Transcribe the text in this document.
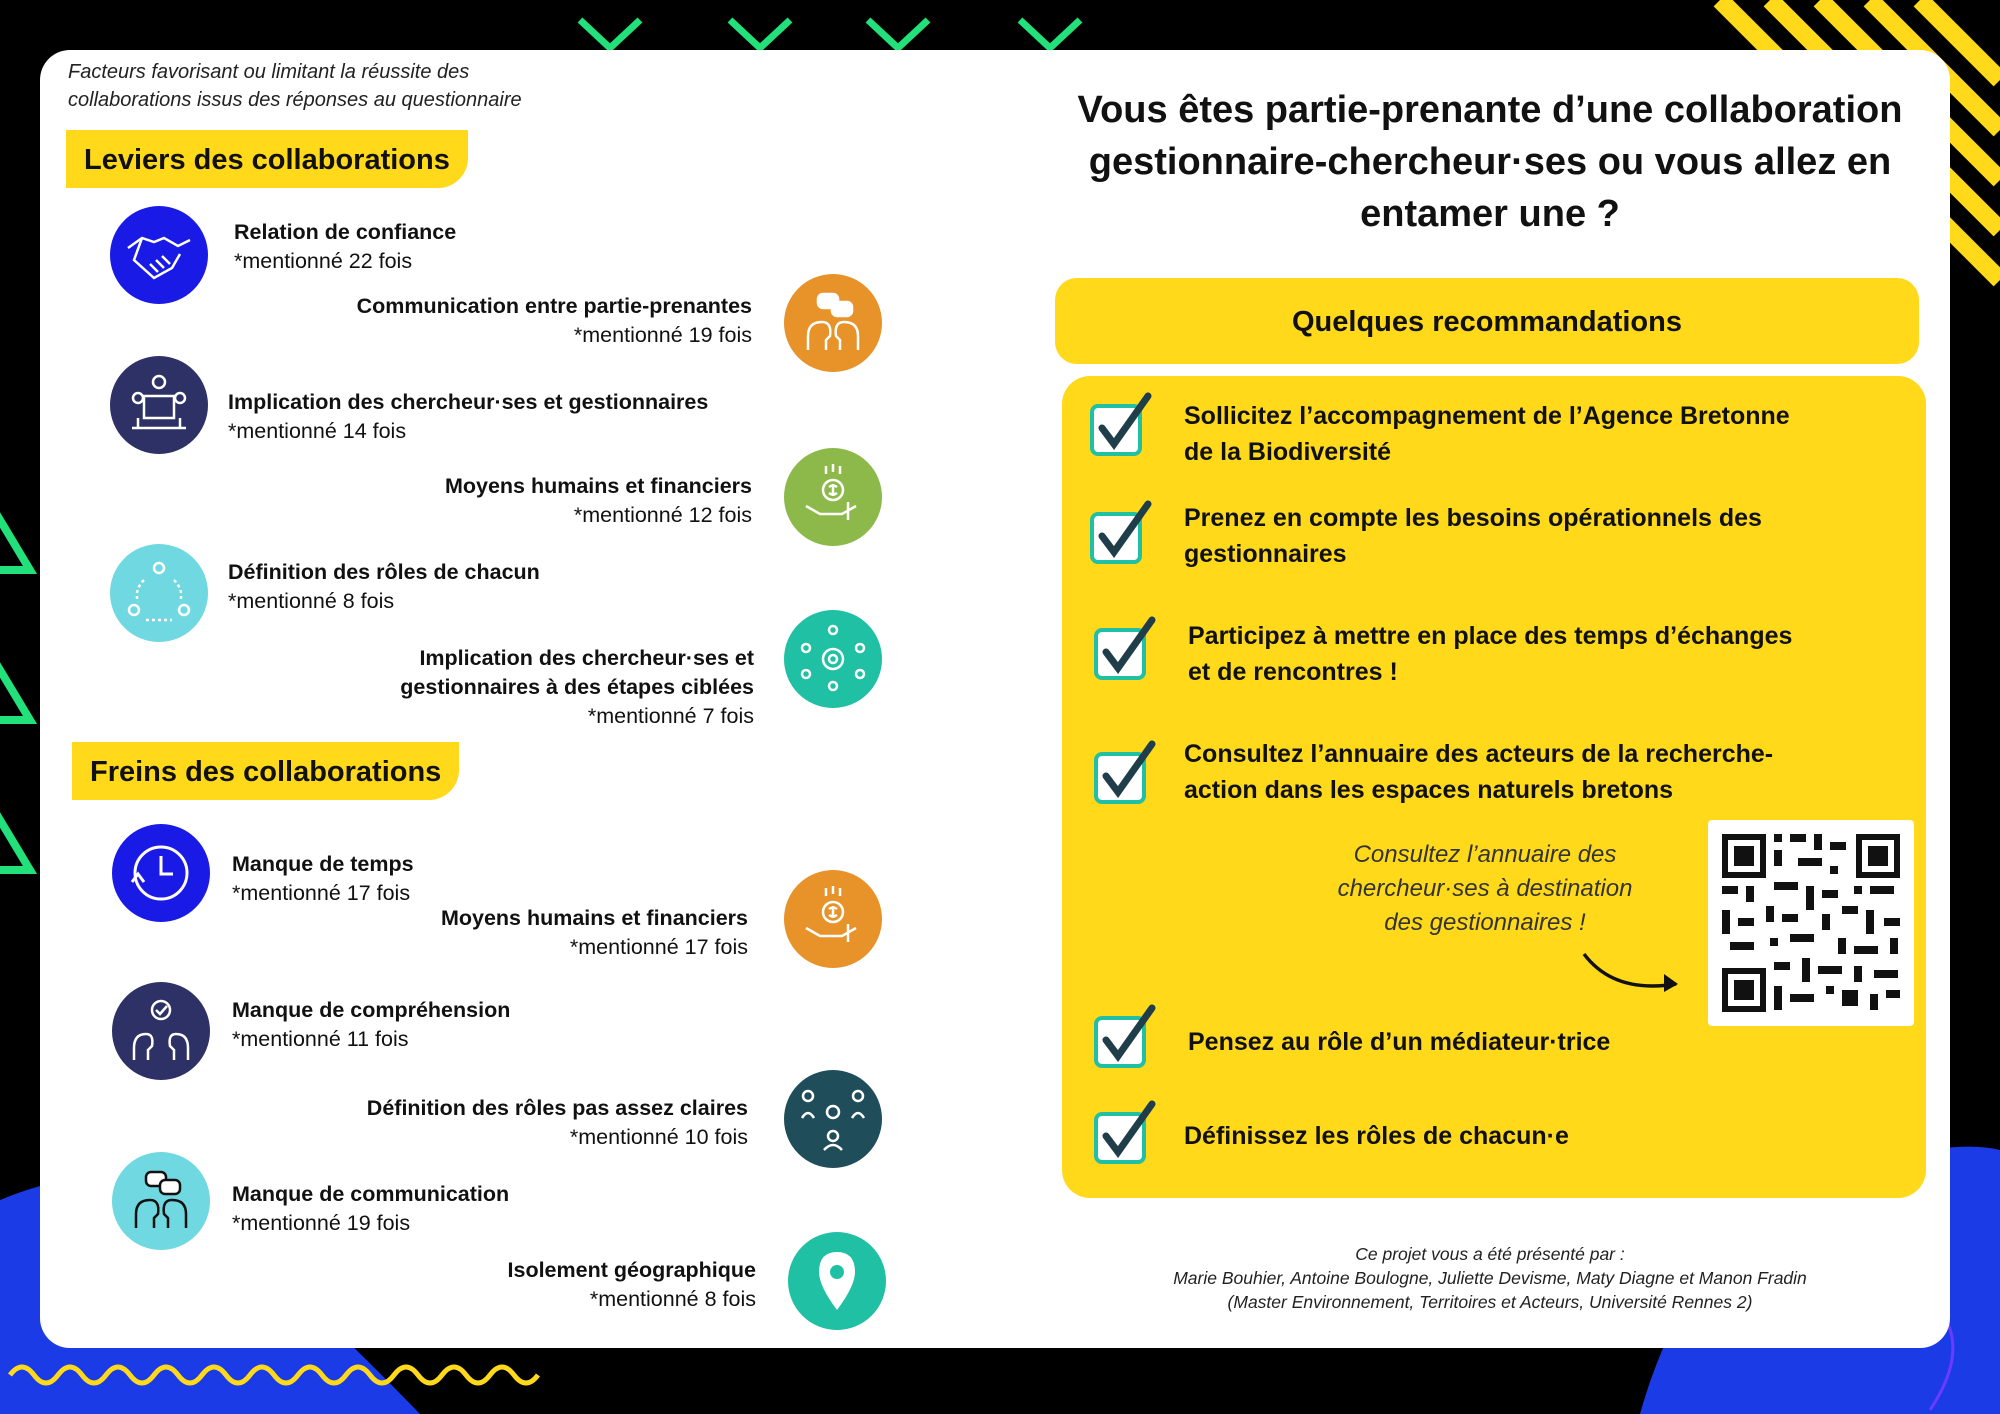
Facteurs favorisant ou limitant la réussite des
collaborations issus des réponses au questionnaire
Leviers des collaborations
Relation de confiance
*mentionné 22 fois
Communication entre partie-prenantes
*mentionné 19 fois
Implication des chercheur·ses et gestionnaires
*mentionné 14 fois
Moyens humains et financiers
*mentionné 12 fois
Définition des rôles de chacun
*mentionné 8 fois
Implication des chercheur·ses et
gestionnaires à des étapes ciblées
*mentionné 7 fois
Freins des collaborations
Manque de temps
*mentionné 17 fois
Moyens humains et financiers
*mentionné 17 fois
Manque de compréhension
*mentionné 11 fois
Définition des rôles pas assez claires
*mentionné 10 fois
Manque de communication
*mentionné 19 fois
Isolement géographique
*mentionné 8 fois
Vous êtes partie-prenante d’une collaboration
gestionnaire-chercheur·ses ou vous allez en
entamer une ?
Quelques recommandations
Sollicitez l’accompagnement de l’Agence Bretonne
de la Biodiversité
Prenez en compte les besoins opérationnels des
gestionnaires
Participez à mettre en place des temps d’échanges
et de rencontres !
Consultez l’annuaire des acteurs de la recherche-
action dans les espaces naturels bretons
Consultez l’annuaire des
chercheur·ses à destination
des gestionnaires !
Pensez au rôle d’un médiateur·trice
Définissez les rôles de chacun·e
Ce projet vous a été présenté par :
Marie Bouhier, Antoine Boulogne, Juliette Devisme, Maty Diagne et Manon Fradin
(Master Environnement, Territoires et Acteurs, Université Rennes 2)
